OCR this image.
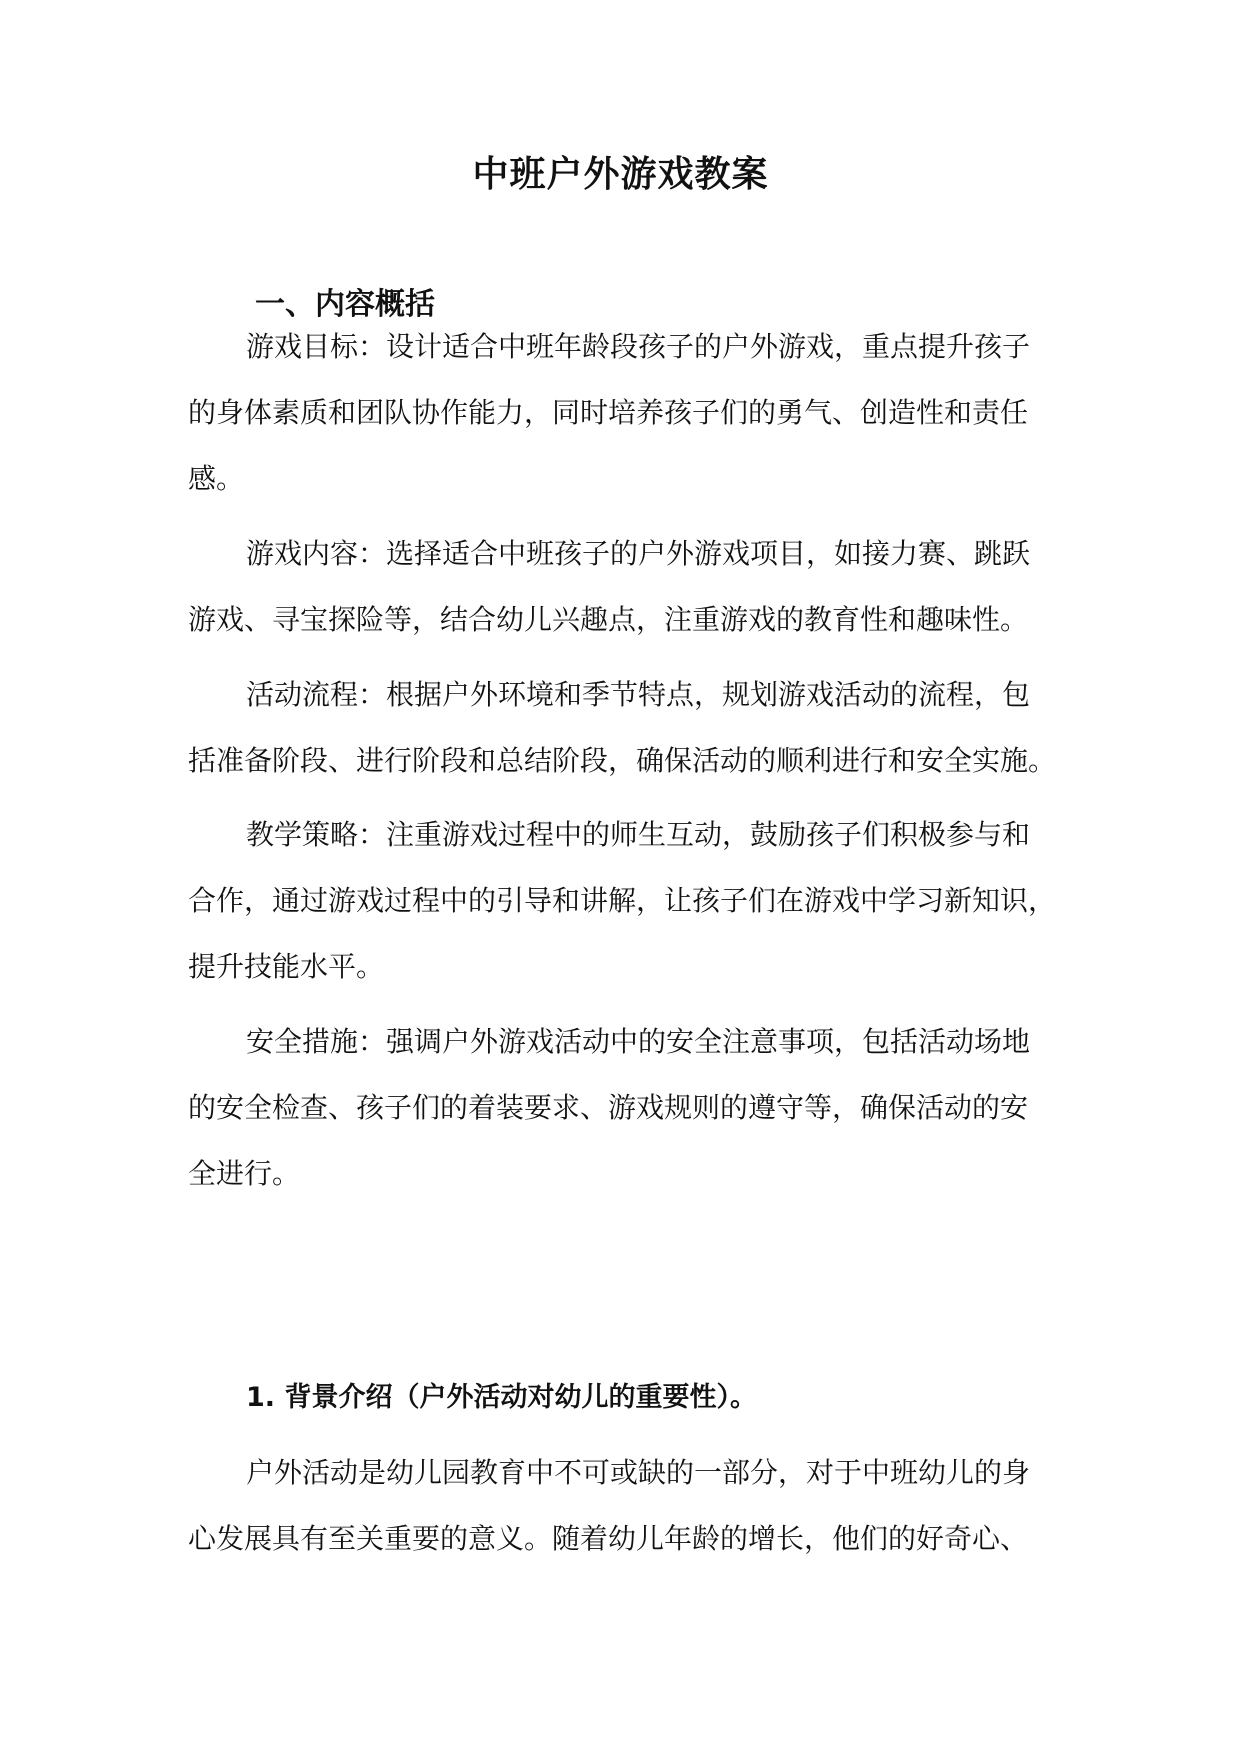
中班户外游戏教案
一、内容概括
游戏目标：设计适合中班年龄段孩子的户外游戏，重点提升孩子
的身体素质和团队协作能力，同时培养孩子们的勇气、创造性和责任
感。
游戏内容：选择适合中班孩子的户外游戏项目，如接力赛、跳跃
游戏、寻宝探险等，结合幼儿兴趣点，注重游戏的教育性和趣味性。
活动流程：根据户外环境和季节特点，规划游戏活动的流程，包
括准备阶段、进行阶段和总结阶段，确保活动的顺利进行和安全实施。
教学策略：注重游戏过程中的师生互动，鼓励孩子们积极参与和
合作，通过游戏过程中的引导和讲解，让孩子们在游戏中学习新知识，
提升技能水平。
安全措施：强调户外游戏活动中的安全注意事项，包括活动场地
的安全检查、孩子们的着装要求、游戏规则的遵守等，确保活动的安
全进行。
1. 背景介绍（户外活动对幼儿的重要性）。
户外活动是幼儿园教育中不可或缺的一部分，对于中班幼儿的身
心发展具有至关重要的意义。随着幼儿年龄的增长，他们的好奇心、
